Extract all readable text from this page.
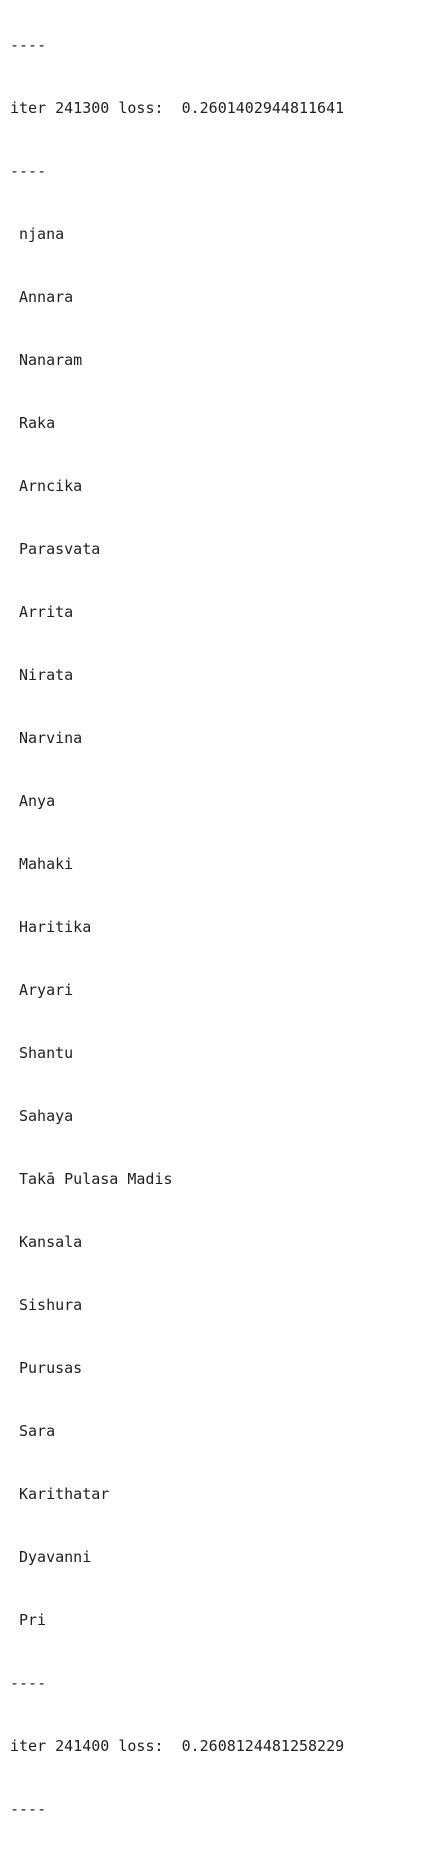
----

iter 241300 loss:  0.2601402944811641

----

njana

Annara

Nanaram

Raka

Arncika

Parasvata

Arrita

Nirata

Narvina

Anya

Mahaki

Haritika

Aryari

Shantu

Sahaya

Takā Pulasa Madis

Kansala

Sishura

Purusas

Sara

Karithatar

Dyavanni

Pri

----

iter 241400 loss:  0.2608124481258229

----
